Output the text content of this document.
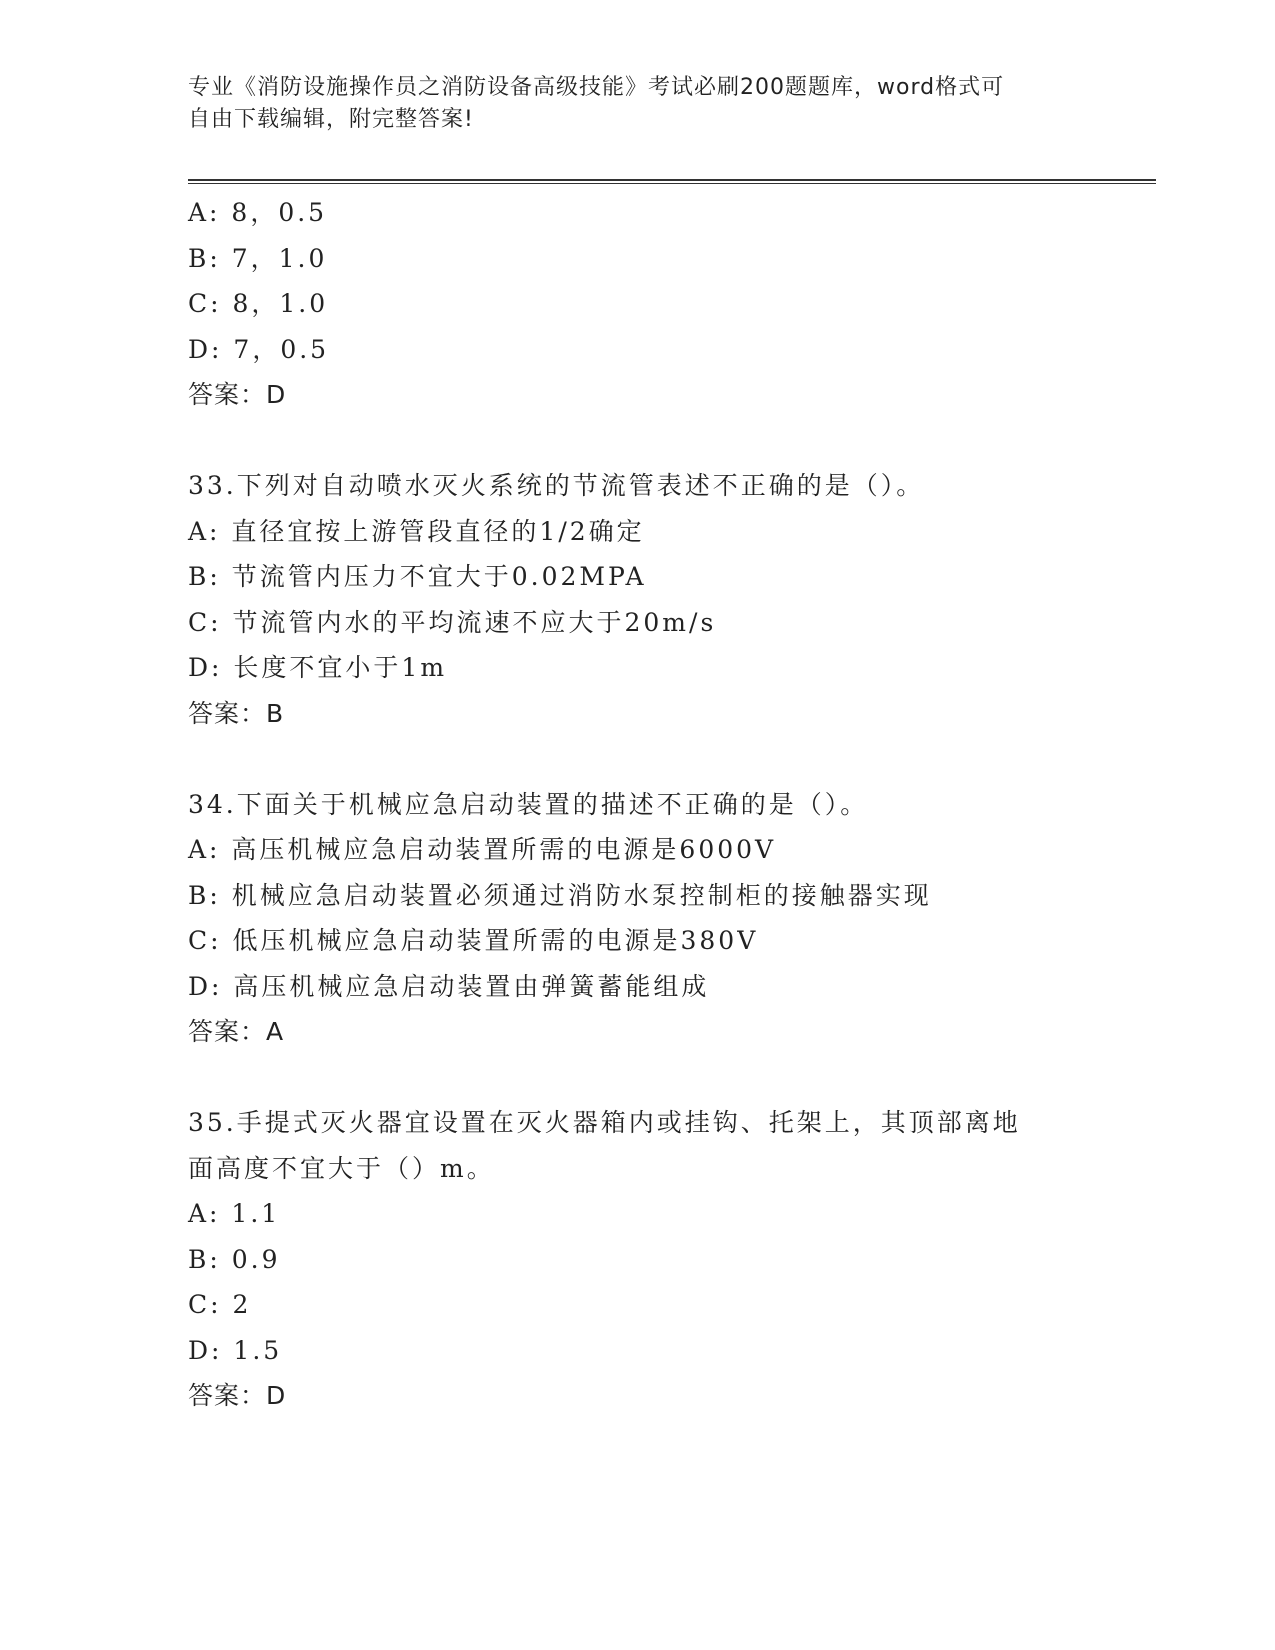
专业《消防设施操作员之消防设备高级技能》考试必刷200题题库，word格式可
自由下载编辑，附完整答案!
A: 8，0.5
B: 7，1.0
C: 8，1.0
D: 7，0.5
答案：D
33.下列对自动喷水灭火系统的节流管表述不正确的是（）。
A: 直径宜按上游管段直径的1/2确定
B: 节流管内压力不宜大于0.02MPA
C: 节流管内水的平均流速不应大于20m/s
D: 长度不宜小于1m
答案：B
34.下面关于机械应急启动装置的描述不正确的是（）。
A: 高压机械应急启动装置所需的电源是6000V
B: 机械应急启动装置必须通过消防水泵控制柜的接触器实现
C: 低压机械应急启动装置所需的电源是380V
D: 高压机械应急启动装置由弹簧蓄能组成
答案：A
35.手提式灭火器宜设置在灭火器箱内或挂钩、托架上，其顶部离地面高度不宜大于（）m。
A: 1.1
B: 0.9
C: 2
D: 1.5
答案：D
